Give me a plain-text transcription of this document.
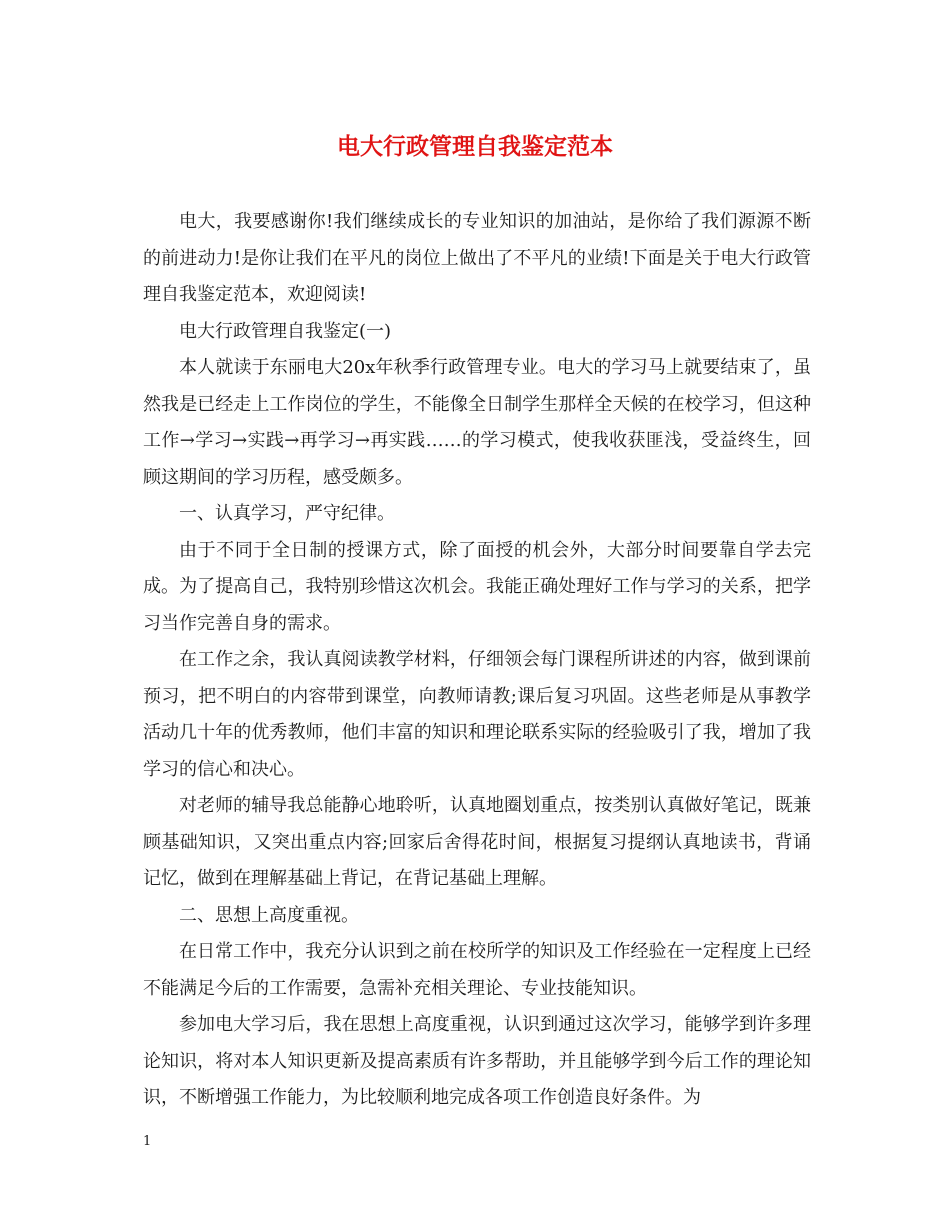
电大行政管理自我鉴定范本

电大，我要感谢你!我们继续成长的专业知识的加油站，是你给了我们源源不断的前进动力!是你让我们在平凡的岗位上做出了不平凡的业绩!下面是关于电大行政管理自我鉴定范本，欢迎阅读!

电大行政管理自我鉴定(一)

本人就读于东丽电大20x年秋季行政管理专业。电大的学习马上就要结束了，虽然我是已经走上工作岗位的学生，不能像全日制学生那样全天候的在校学习，但这种工作→学习→实践→再学习→再实践……的学习模式，使我收获匪浅，受益终生，回顾这期间的学习历程，感受颇多。

一、认真学习，严守纪律。

由于不同于全日制的授课方式，除了面授的机会外，大部分时间要靠自学去完成。为了提高自己，我特别珍惜这次机会。我能正确处理好工作与学习的关系，把学习当作完善自身的需求。

在工作之余，我认真阅读教学材料，仔细领会每门课程所讲述的内容，做到课前预习，把不明白的内容带到课堂，向教师请教;课后复习巩固。这些老师是从事教学活动几十年的优秀教师，他们丰富的知识和理论联系实际的经验吸引了我，增加了我学习的信心和决心。

对老师的辅导我总能静心地聆听，认真地圈划重点，按类别认真做好笔记，既兼顾基础知识，又突出重点内容;回家后舍得花时间，根据复习提纲认真地读书，背诵记忆，做到在理解基础上背记，在背记基础上理解。

二、思想上高度重视。

在日常工作中，我充分认识到之前在校所学的知识及工作经验在一定程度上已经不能满足今后的工作需要，急需补充相关理论、专业技能知识。

参加电大学习后，我在思想上高度重视，认识到通过这次学习，能够学到许多理论知识，将对本人知识更新及提高素质有许多帮助，并且能够学到今后工作的理论知识，不断增强工作能力，为比较顺利地完成各项工作创造良好条件。为

1
